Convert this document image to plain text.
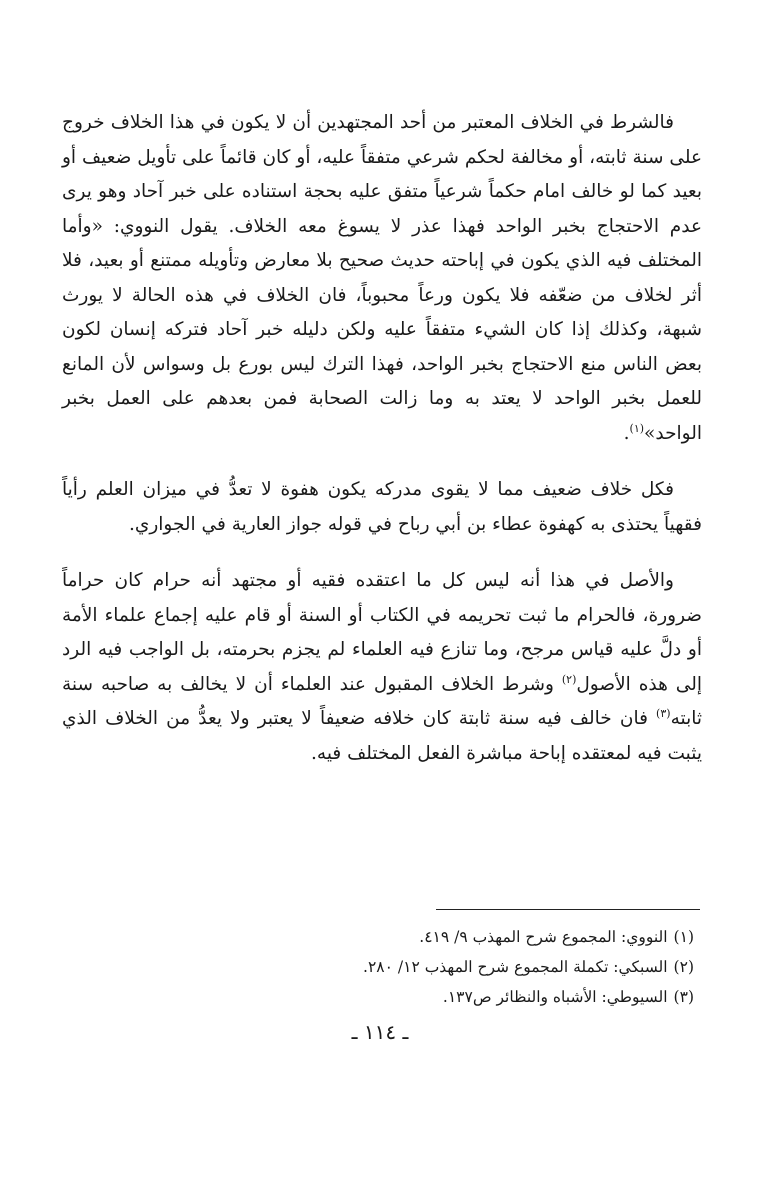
فالشرط في الخلاف المعتبر من أحد المجتهدين أن لا يكون في هذا الخلاف خروج على سنة ثابته، أو مخالفة لحكم شرعي متفقاً عليه، أو كان قائماً على تأويل ضعيف أو بعيد كما لو خالف امام حكماً شرعياً متفق عليه بحجة استناده على خبر آحاد وهو يرى عدم الاحتجاج بخبر الواحد فهذا عذر لا يسوغ معه الخلاف. يقول النووي: «وأما المختلف فيه الذي يكون في إباحته حديث صحيح بلا معارض وتأويله ممتنع أو بعيد، فلا أثر لخلاف من ضعّفه فلا يكون ورعاً محبوباً، فان الخلاف في هذه الحالة لا يورث شبهة، وكذلك إذا كان الشيء متفقاً عليه ولكن دليله خبر آحاد فتركه إنسان لكون بعض الناس منع الاحتجاج بخبر الواحد، فهذا الترك ليس بورع بل وسواس لأن المانع للعمل بخبر الواحد لا يعتد به وما زالت الصحابة فمن بعدهم على العمل بخبر الواحد»$^{(١)}$.

فكل خلاف ضعيف مما لا يقوى مدركه يكون هفوة لا تعدُّ في ميزان العلم رأياً فقهياً يحتذى به كهفوة عطاء بن أبي رباح في قوله جواز العارية في الجواري.

والأصل في هذا أنه ليس كل ما اعتقده فقيه أو مجتهد أنه حرام كان حراماً ضرورة، فالحرام ما ثبت تحريمه في الكتاب أو السنة أو قام عليه إجماع علماء الأمة أو دلَّ عليه قياس مرجح، وما تنازع فيه العلماء لم يجزم بحرمته، بل الواجب فيه الرد إلى هذه الأصول$^{(٢)}$ وشرط الخلاف المقبول عند العلماء أن لا يخالف به صاحبه سنة ثابته$^{(٣)}$ فان خالف فيه سنة ثابتة كان خلافه ضعيفاً لا يعتبر ولا يعدُّ من الخلاف الذي يثبت فيه لمعتقده إباحة مباشرة الفعل المختلف فيه.

(١)النووي: المجموع شرح المهذب ٩/ ٤١٩.

(٢)السبكي: تكملة المجموع شرح المهذب ١٢/ ٢٨٠.

(٣)السيوطي: الأشباه والنظائر ص١٣٧.

ـ ١١٤ ـ
